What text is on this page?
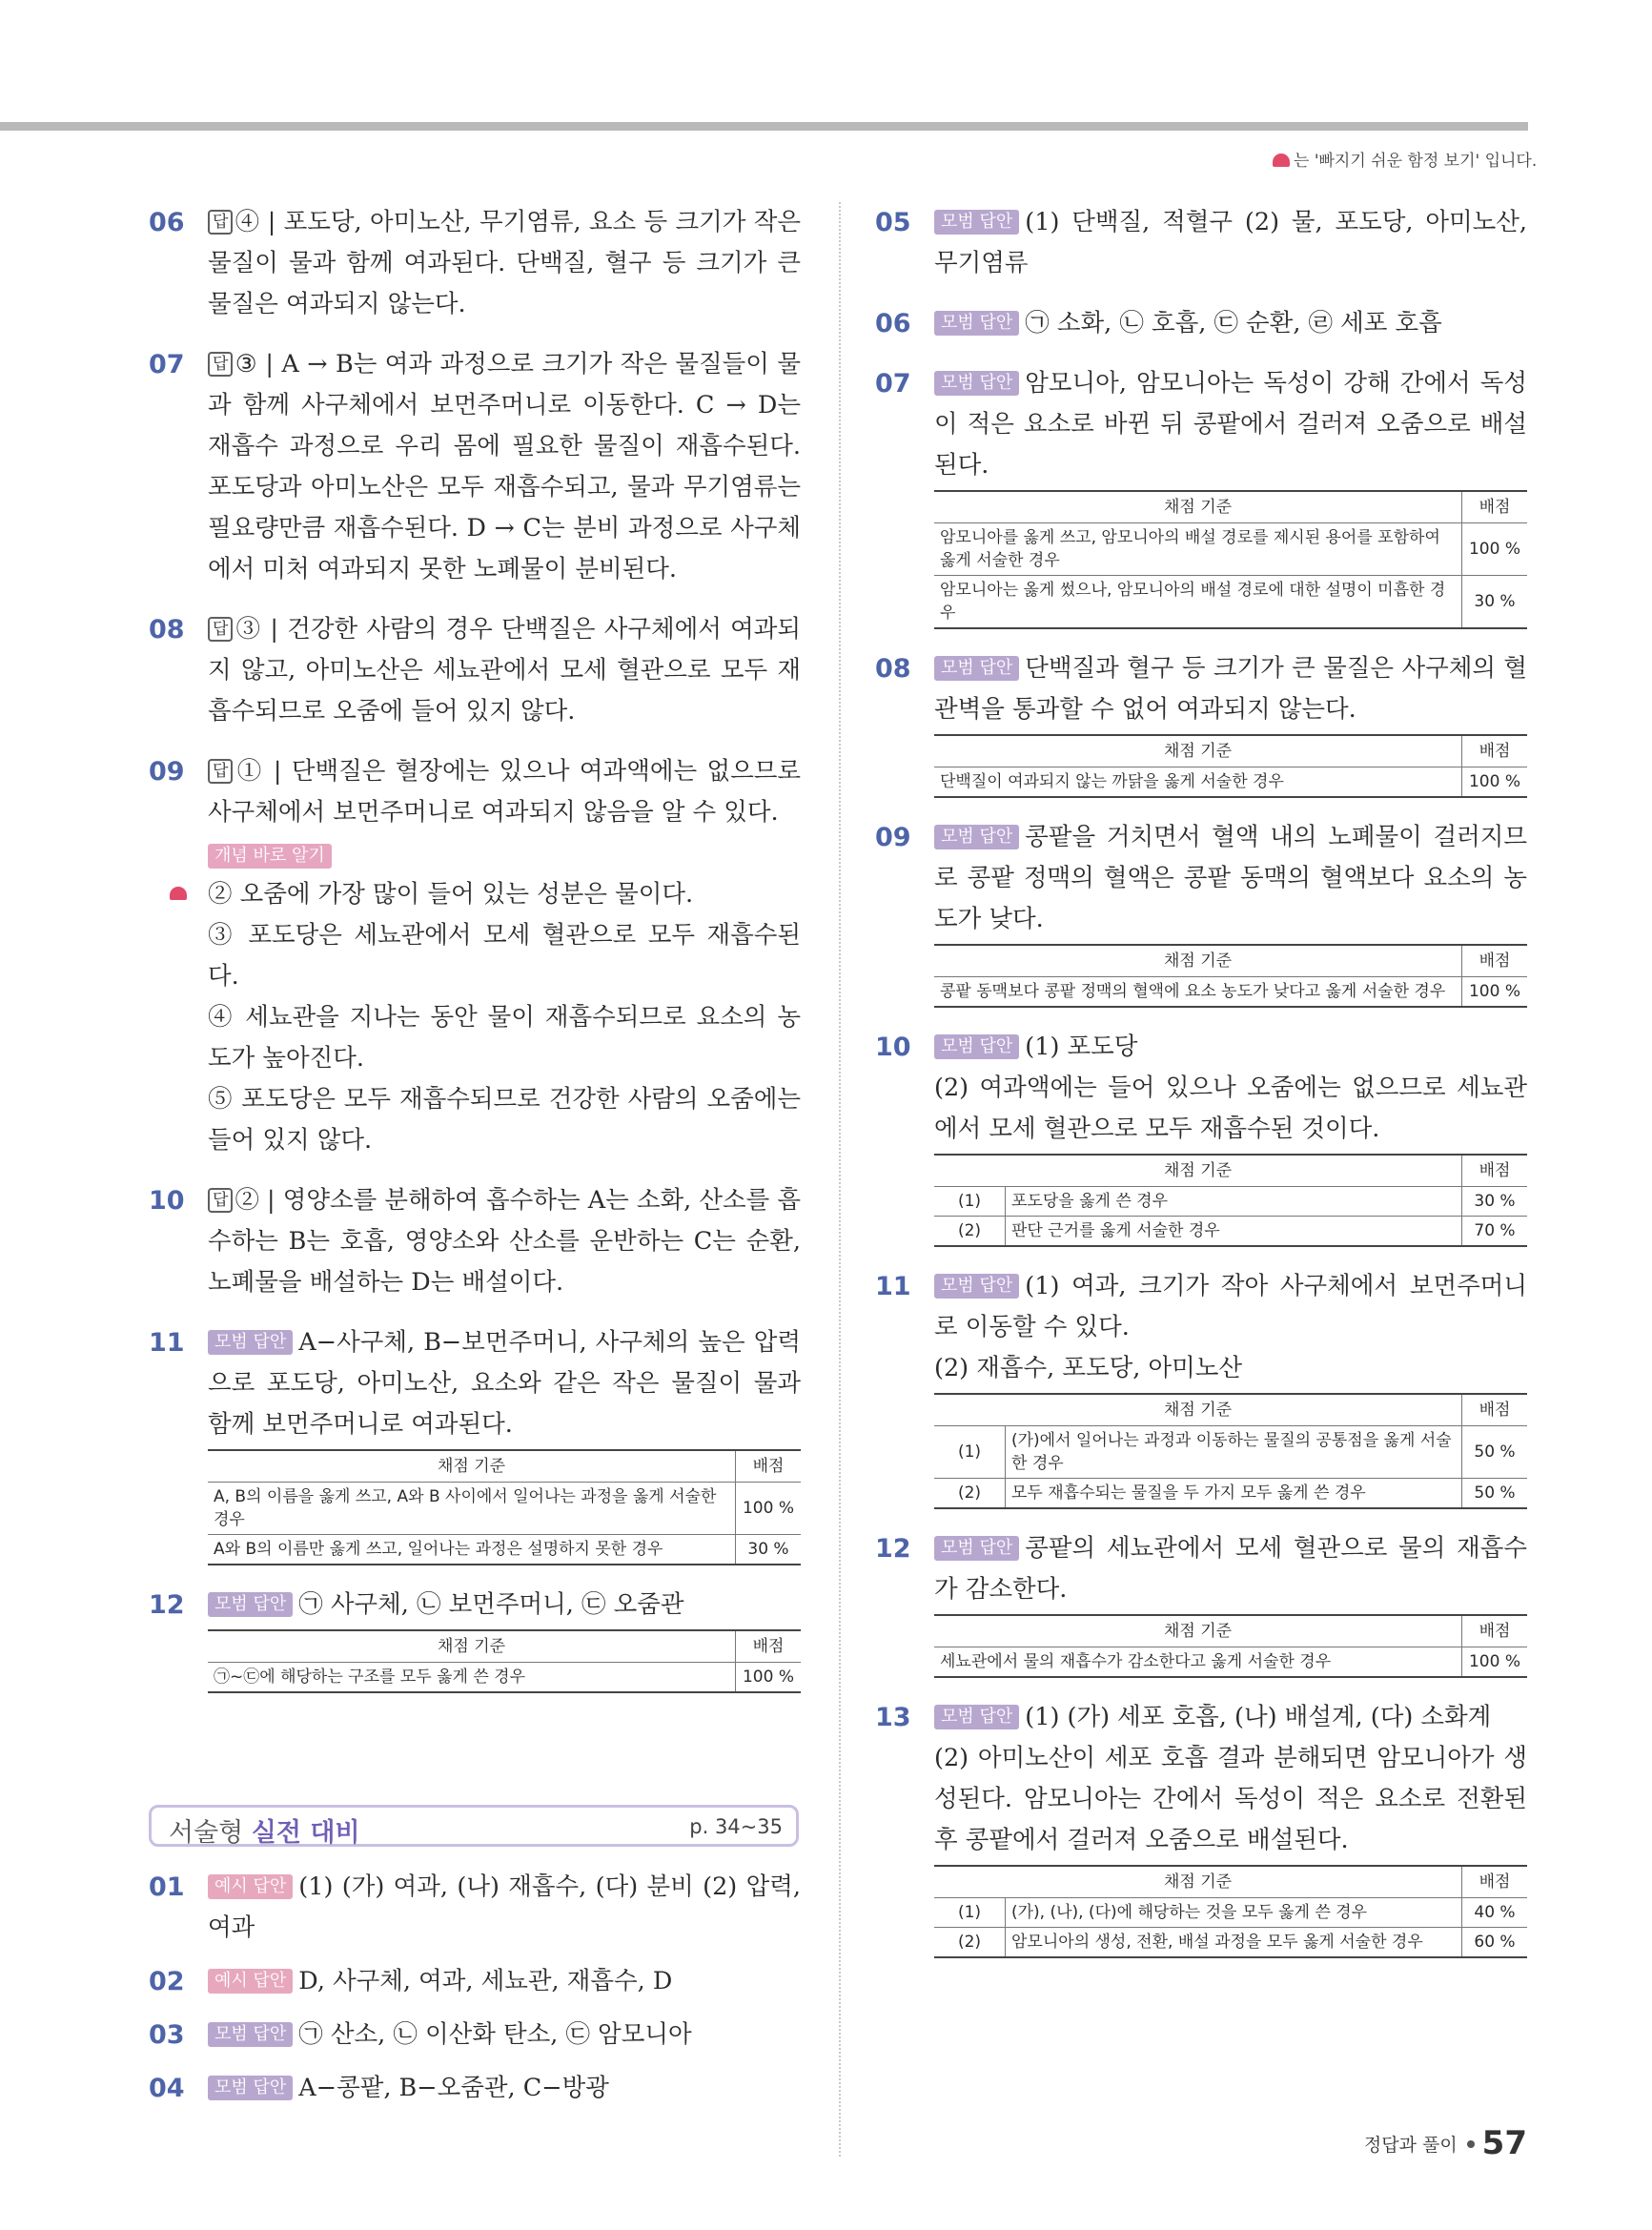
는 '빠지기 쉬운 함정 보기' 입니다.
06 답 ④ | 포도당, 아미노산, 무기염류, 요소 등 크기가 작은 물질이 물과 함께 여과된다. 단백질, 혈구 등 크기가 큰 물질은 여과되지 않는다.
07 답 ③ | A → B는 여과 과정으로 크기가 작은 물질들이 물과 함께 사구체에서 보먼주머니로 이동한다. C → D는 재흡수 과정으로 우리 몸에 필요한 물질이 재흡수된다. 포도당과 아미노산은 모두 재흡수되고, 물과 무기염류는 필요량만큼 재흡수된다. D → C는 분비 과정으로 사구체에서 미처 여과되지 못한 노폐물이 분비된다.
08 답 ③ | 건강한 사람의 경우 단백질은 사구체에서 여과되지 않고, 아미노산은 세뇨관에서 모세 혈관으로 모두 재흡수되므로 오줌에 들어 있지 않다.
09 답 ① | 단백질은 혈장에는 있으나 여과액에는 없으므로 사구체에서 보먼주머니로 여과되지 않음을 알 수 있다.
개념 바로 알기
② 오줌에 가장 많이 들어 있는 성분은 물이다.
③ 포도당은 세뇨관에서 모세 혈관으로 모두 재흡수된다.
④ 세뇨관을 지나는 동안 물이 재흡수되므로 요소의 농도가 높아진다.
⑤ 포도당은 모두 재흡수되므로 건강한 사람의 오줌에는 들어 있지 않다.
10 답 ② | 영양소를 분해하여 흡수하는 A는 소화, 산소를 흡수하는 B는 호흡, 영양소와 산소를 운반하는 C는 순환, 노폐물을 배설하는 D는 배설이다.
11 모범 답안 A−사구체, B−보먼주머니, 사구체의 높은 압력으로 포도당, 아미노산, 요소와 같은 작은 물질이 물과 함께 보먼주머니로 여과된다.
채점 기준	배점
A, B의 이름을 옳게 쓰고, A와 B 사이에서 일어나는 과정을 옳게 서술한 경우	100 %
A와 B의 이름만 옳게 쓰고, 일어나는 과정은 설명하지 못한 경우	30 %
12 모범 답안 ㉠ 사구체, ㉡ 보먼주머니, ㉢ 오줌관
채점 기준	배점
㉠~㉢에 해당하는 구조를 모두 옳게 쓴 경우	100 %
서술형 실전 대비	p. 34~35
01 예시 답안 (1) (가) 여과, (나) 재흡수, (다) 분비 (2) 압력, 여과
02 예시 답안 D, 사구체, 여과, 세뇨관, 재흡수, D
03 모범 답안 ㉠ 산소, ㉡ 이산화 탄소, ㉢ 암모니아
04 모범 답안 A−콩팥, B−오줌관, C−방광
05 모범 답안 (1) 단백질, 적혈구 (2) 물, 포도당, 아미노산, 무기염류
06 모범 답안 ㉠ 소화, ㉡ 호흡, ㉢ 순환, ㉣ 세포 호흡
07 모범 답안 암모니아, 암모니아는 독성이 강해 간에서 독성이 적은 요소로 바뀐 뒤 콩팥에서 걸러져 오줌으로 배설된다.
채점 기준	배점
암모니아를 옳게 쓰고, 암모니아의 배설 경로를 제시된 용어를 포함하여 옳게 서술한 경우	100 %
암모니아는 옳게 썼으나, 암모니아의 배설 경로에 대한 설명이 미흡한 경우	30 %
08 모범 답안 단백질과 혈구 등 크기가 큰 물질은 사구체의 혈관벽을 통과할 수 없어 여과되지 않는다.
채점 기준	배점
단백질이 여과되지 않는 까닭을 옳게 서술한 경우	100 %
09 모범 답안 콩팥을 거치면서 혈액 내의 노폐물이 걸러지므로 콩팥 정맥의 혈액은 콩팥 동맥의 혈액보다 요소의 농도가 낮다.
채점 기준	배점
콩팥 동맥보다 콩팥 정맥의 혈액에 요소 농도가 낮다고 옳게 서술한 경우	100 %
10 모범 답안 (1) 포도당
(2) 여과액에는 들어 있으나 오줌에는 없으므로 세뇨관에서 모세 혈관으로 모두 재흡수된 것이다.
채점 기준		배점
(1)	포도당을 옳게 쓴 경우	30 %
(2)	판단 근거를 옳게 서술한 경우	70 %
11 모범 답안 (1) 여과, 크기가 작아 사구체에서 보먼주머니로 이동할 수 있다.
(2) 재흡수, 포도당, 아미노산
채점 기준		배점
(1)	(가)에서 일어나는 과정과 이동하는 물질의 공통점을 옳게 서술한 경우	50 %
(2)	모두 재흡수되는 물질을 두 가지 모두 옳게 쓴 경우	50 %
12 모범 답안 콩팥의 세뇨관에서 모세 혈관으로 물의 재흡수가 감소한다.
채점 기준	배점
세뇨관에서 물의 재흡수가 감소한다고 옳게 서술한 경우	100 %
13 모범 답안 (1) (가) 세포 호흡, (나) 배설계, (다) 소화계
(2) 아미노산이 세포 호흡 결과 분해되면 암모니아가 생성된다. 암모니아는 간에서 독성이 적은 요소로 전환된 후 콩팥에서 걸러져 오줌으로 배설된다.
채점 기준		배점
(1)	(가), (나), (다)에 해당하는 것을 모두 옳게 쓴 경우	40 %
(2)	암모니아의 생성, 전환, 배설 과정을 모두 옳게 서술한 경우	60 %
정답과 풀이 57
